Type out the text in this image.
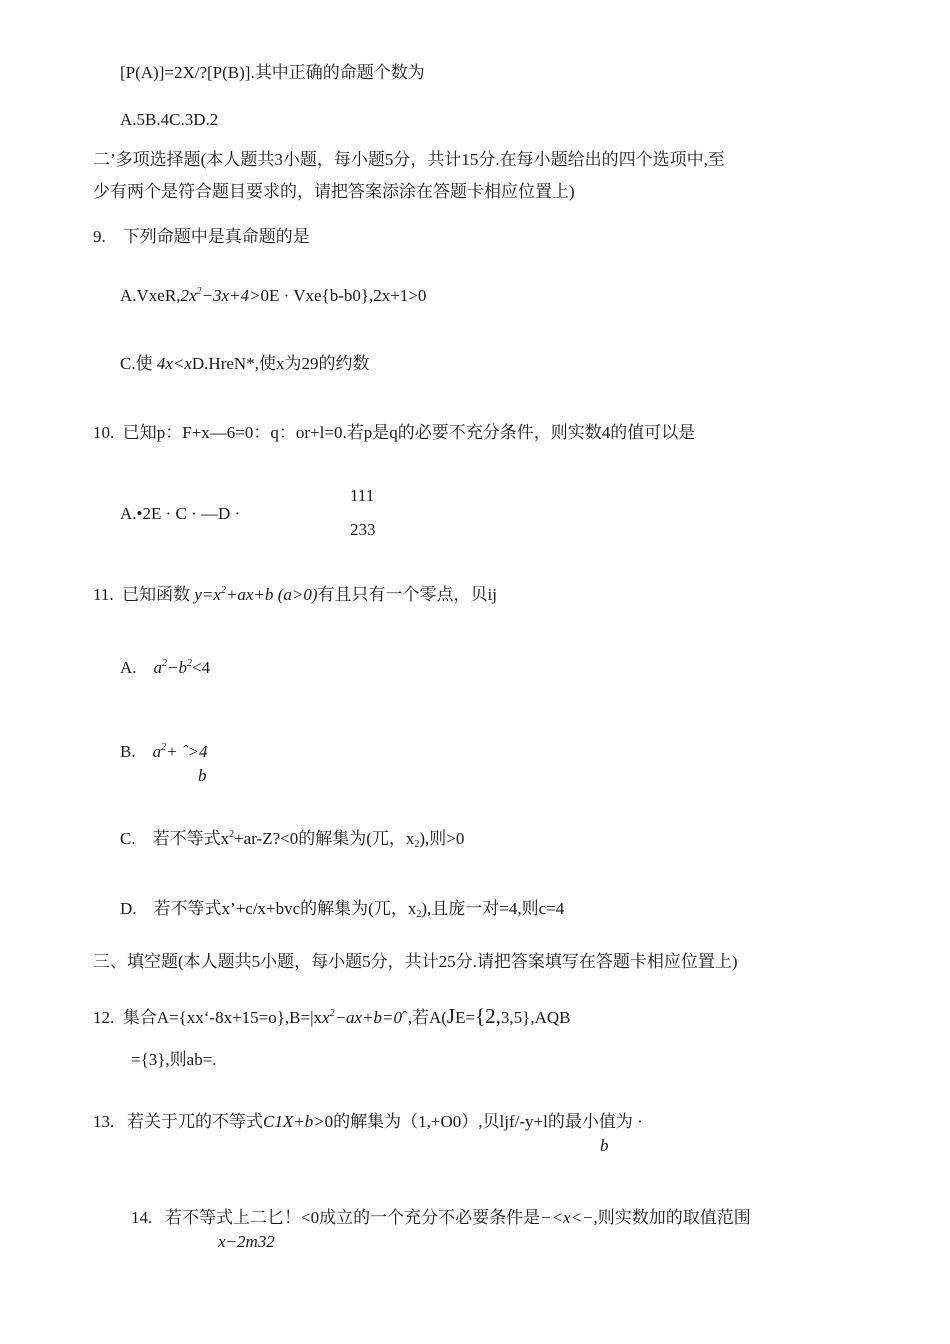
[P(A)]=2X/?[P(B)].其中正确的命题个数为
A.5B.4C.3D.2
二’多项选择题(本人题共3小题，每小题5分，共计15分.在每小题给出的四个选项中,至
少有两个是符合题目要求的，请把答案添涂在答题卡相应位置上)
9. 下列命题中是真命题的是
$A.VxeR,2x^2-3x+4>0E \cdot Vxe\{b-b0\},2x+1>0$
C.使 4x<xD.HreN*,使x为29的约数
10. 已知p：F+x—6=0：q：or+l=0.若p是q的必要不充分条件，则实数4的值可以是
111
A.•2E · C · —D ·
233
11. 已知函数 $y=x^2+ax+b$ (a>0)有且只有一个零点，贝ij
A. $a^2-b^2<4$
B. $a^2+$ ˆ>4
b
C. 若不等式$x^2+ar-Z?<0$的解集为(兀，$x_2$),则>0
D. 若不等式x’+c/x+bvc的解集为(兀，$x_2$),且庞一对=4,则c=4
三、填空题(本人题共5小题，每小题5分，共计25分.请把答案填写在答题卡相应位置上)
12. 集合$A=\{xx‘-8x+15=o\},B=|xx^2-ax+b=0ˆ$,若A(JE={2,3,5},AQB
={3},则ab=.
13. 若关于兀的不等式C1X+b>0的解集为（1,+O0）,贝ljf/-y+l的最小值为 ·
b
14. 若不等式上二匕！<0成立的一个充分不必要条件是−<x<−,则实数加的取值范围
x−2m32
